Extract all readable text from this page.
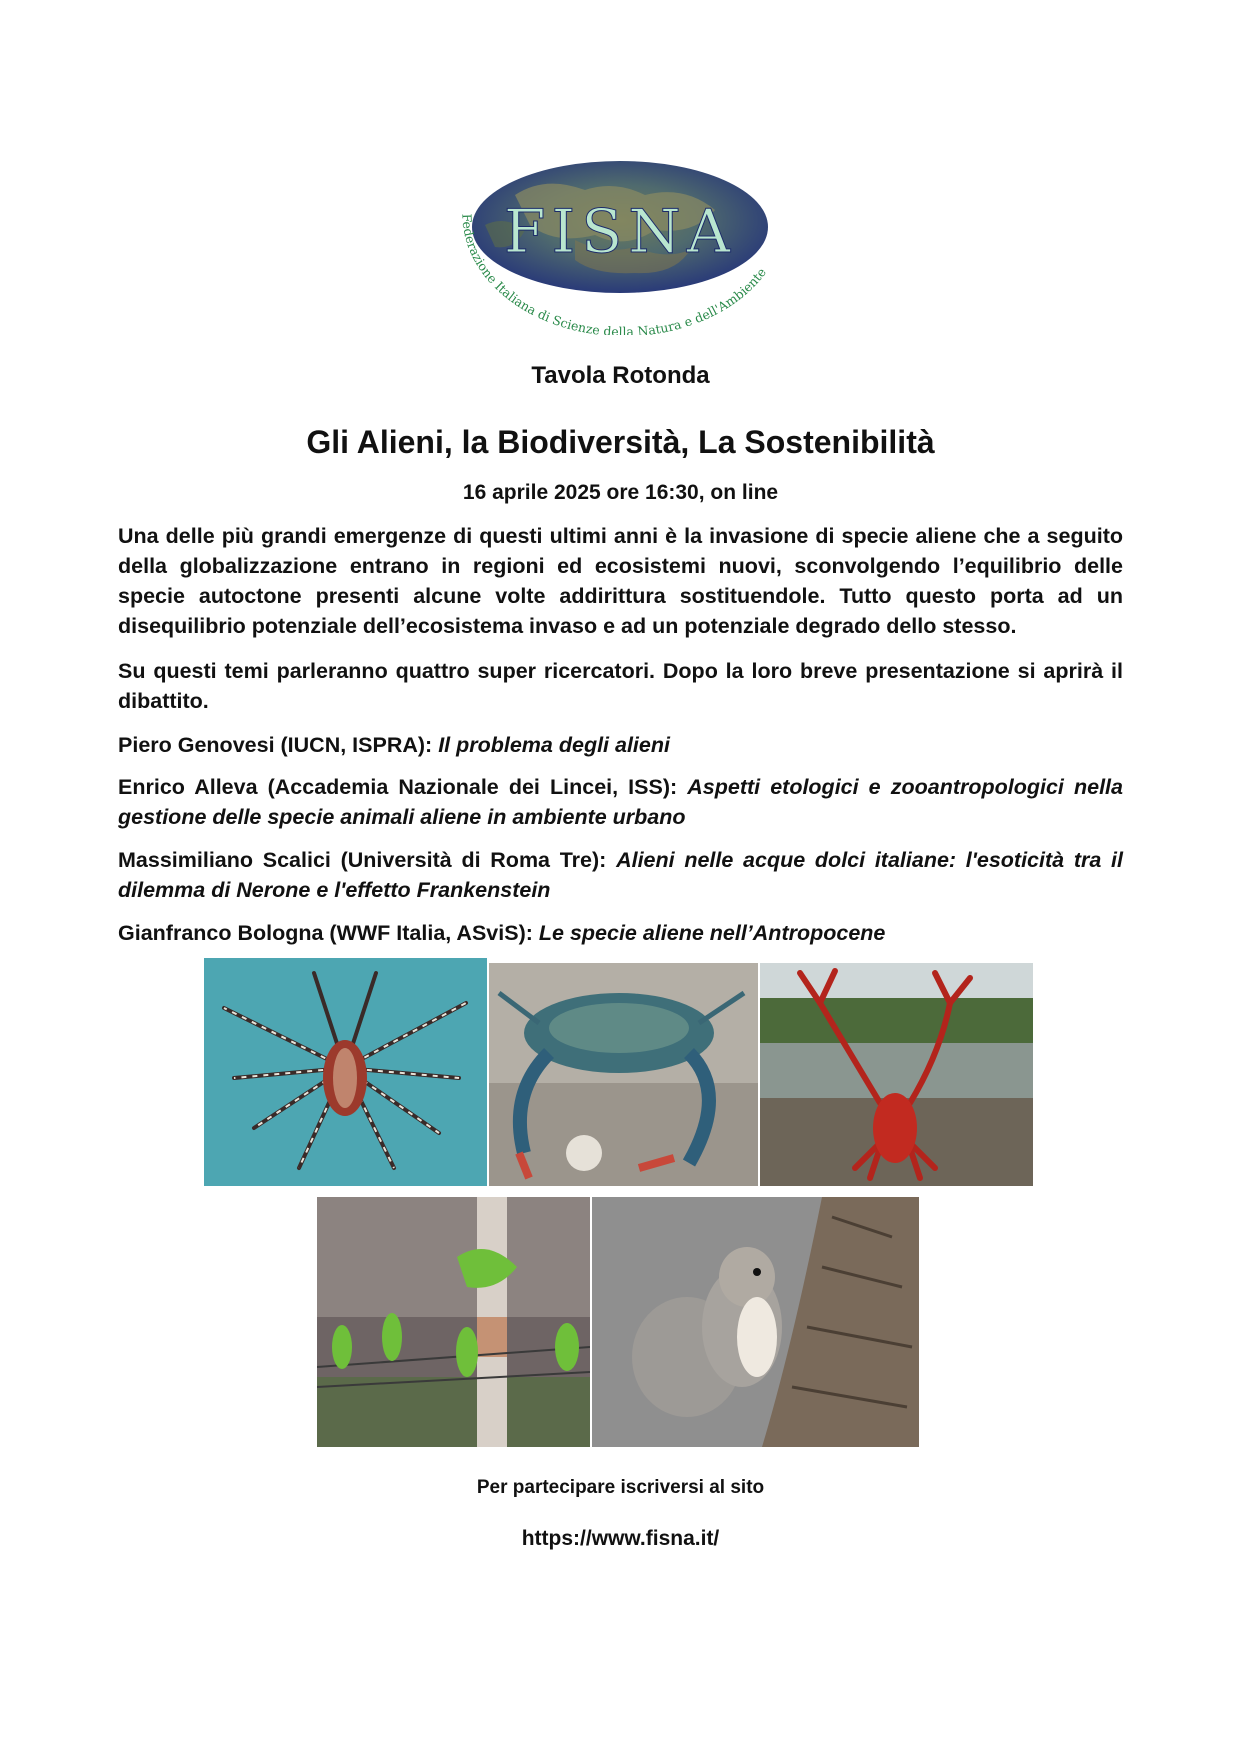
FISNA
Federazione Italiana di Scienze della Natura e dell'Ambiente
Tavola Rotonda
Gli Alieni, la Biodiversità, La Sostenibilità
16 aprile 2025 ore 16:30, on line
Una delle più grandi emergenze di questi ultimi anni è la invasione di specie aliene che a seguito della globalizzazione entrano in regioni ed ecosistemi nuovi, sconvolgendo l’equilibrio delle specie autoctone presenti alcune volte addirittura sostituendole. Tutto questo porta ad un disequilibrio potenziale dell’ecosistema invaso e ad un potenziale degrado dello stesso.
Su questi temi parleranno quattro super ricercatori. Dopo la loro breve presentazione si aprirà il dibattito.
Piero Genovesi (IUCN, ISPRA): Il problema degli alieni
Enrico Alleva (Accademia Nazionale dei Lincei, ISS): Aspetti etologici e zooantropologici nella gestione delle specie animali aliene in ambiente urbano
Massimiliano Scalici (Università di Roma Tre): Alieni nelle acque dolci italiane: l'esoticità tra il dilemma di Nerone e l'effetto Frankenstein
Gianfranco Bologna (WWF Italia, ASviS): Le specie aliene nell’Antropocene
Per partecipare iscriversi al sito
https://www.fisna.it/
